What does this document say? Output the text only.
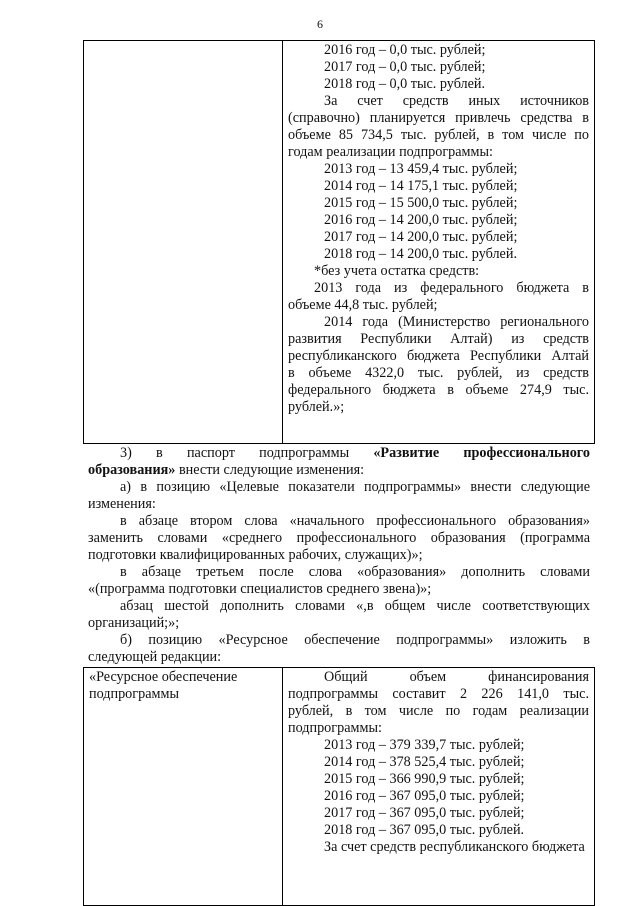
6

2016 год – 0,0 тыс. рублей;
2017 год – 0,0 тыс. рублей;
2018 год – 0,0 тыс. рублей.
За счет средств иных источников
(справочно) планируется привлечь средства в
объеме 85 734,5 тыс. рублей, в том числе по
годам реализации подпрограммы:
2013 год – 13 459,4 тыс. рублей;
2014 год – 14 175,1 тыс. рублей;
2015 год – 15 500,0 тыс. рублей;
2016 год – 14 200,0 тыс. рублей;
2017 год – 14 200,0 тыс. рублей;
2018 год – 14 200,0 тыс. рублей.
*без учета остатка средств:
2013 года из федерального бюджета в
объеме 44,8 тыс. рублей;
2014 года (Министерство регионального
развития Республики Алтай) из средств
республиканского бюджета Республики Алтай
в объеме 4322,0 тыс. рублей, из средств
федерального бюджета в объеме 274,9 тыс.
рублей.»;
3) в паспорт подпрограммы «Развитие профессионального
образования» внести следующие изменения:
а) в позицию «Целевые показатели подпрограммы» внести следующие
изменения:
в абзаце втором слова «начального профессионального образования»
заменить словами «среднего профессионального образования (программа
подготовки квалифицированных рабочих, служащих)»;
в абзаце третьем после слова «образования» дополнить словами
«(программа подготовки специалистов среднего звена)»;
абзац шестой дополнить словами «,в общем числе соответствующих
организаций;»;
б) позицию «Ресурсное обеспечение подпрограммы» изложить в
следующей редакции:
«Ресурсное обеспечение
подпрограммы

Общий объем финансирования
подпрограммы составит 2 226 141,0 тыс.
рублей, в том числе по годам реализации
подпрограммы:
2013 год – 379 339,7 тыс. рублей;
2014 год – 378 525,4 тыс. рублей;
2015 год – 366 990,9 тыс. рублей;
2016 год – 367 095,0 тыс. рублей;
2017 год – 367 095,0 тыс. рублей;
2018 год – 367 095,0 тыс. рублей.
За счет средств республиканского бюджета
